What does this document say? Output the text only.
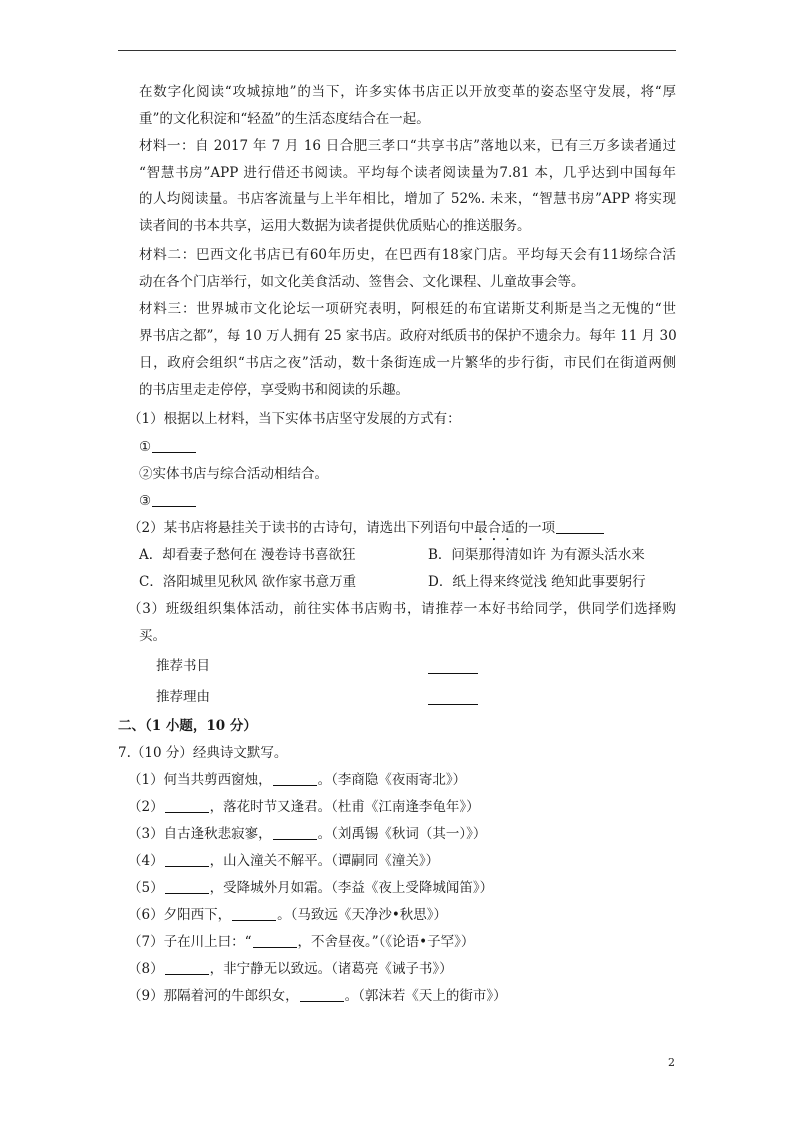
在数字化阅读“攻城掠地”的当下，许多实体书店正以开放变革的姿态坚守发展，将“厚
重”的文化积淀和“轻盈”的生活态度结合在一起。
材料一：自 2017 年 7 月 16 日合肥三孝口“共享书店”落地以来，已有三万多读者通过
“智慧书房”APP 进行借还书阅读。平均每个读者阅读量为7.81 本，几乎达到中国每年
的人均阅读量。书店客流量与上半年相比，增加了 52%. 未来，“智慧书房”APP 将实现
读者间的书本共享，运用大数据为读者提供优质贴心的推送服务。
材料二：巴西文化书店已有60年历史，在巴西有18家门店。平均每天会有11场综合活
动在各个门店举行，如文化美食活动、签售会、文化课程、儿童故事会等。
材料三：世界城市文化论坛一项研究表明，阿根廷的布宜诺斯艾利斯是当之无愧的“世
界书店之都”，每 10 万人拥有 25 家书店。政府对纸质书的保护不遗余力。每年 11 月 30
日，政府会组织“书店之夜”活动，数十条街连成一片繁华的步行街，市民们在街道两侧
的书店里走走停停，享受购书和阅读的乐趣。
（1）根据以上材料，当下实体书店坚守发展的方式有：
①
②实体书店与综合活动相结合。
③
（2）某书店将悬挂关于读书的古诗句，请选出下列语句中最合适的一项
A．却看妻子愁何在 漫卷诗书喜欲狂	B．问渠那得清如许 为有源头活水来
C．洛阳城里见秋风 欲作家书意万重	D．纸上得来终觉浅 绝知此事要躬行
（3）班级组织集体活动，前往实体书店购书，请推荐一本好书给同学，供同学们选择购
买。
推荐书目
推荐理由
二、（1 小题，10 分）
7.（10 分）经典诗文默写。
（1）何当共剪西窗烛，	。（李商隐《夜雨寄北》）
（2）	，落花时节又逢君。（杜甫《江南逢李龟年》）
（3）自古逢秋悲寂寥，	。（刘禹锡《秋词（其一）》）
（4）	，山入潼关不解平。（谭嗣同《潼关》）
（5）	，受降城外月如霜。（李益《夜上受降城闻笛》）
（6）夕阳西下，	。（马致远《天净沙•秋思》）
（7）子在川上曰：“	，不舍昼夜。”（《论语•子罕》）
（8）	，非宁静无以致远。（诸葛亮《诫子书》）
（9）那隔着河的牛郎织女，	。（郭沫若《天上的街市》）
2
